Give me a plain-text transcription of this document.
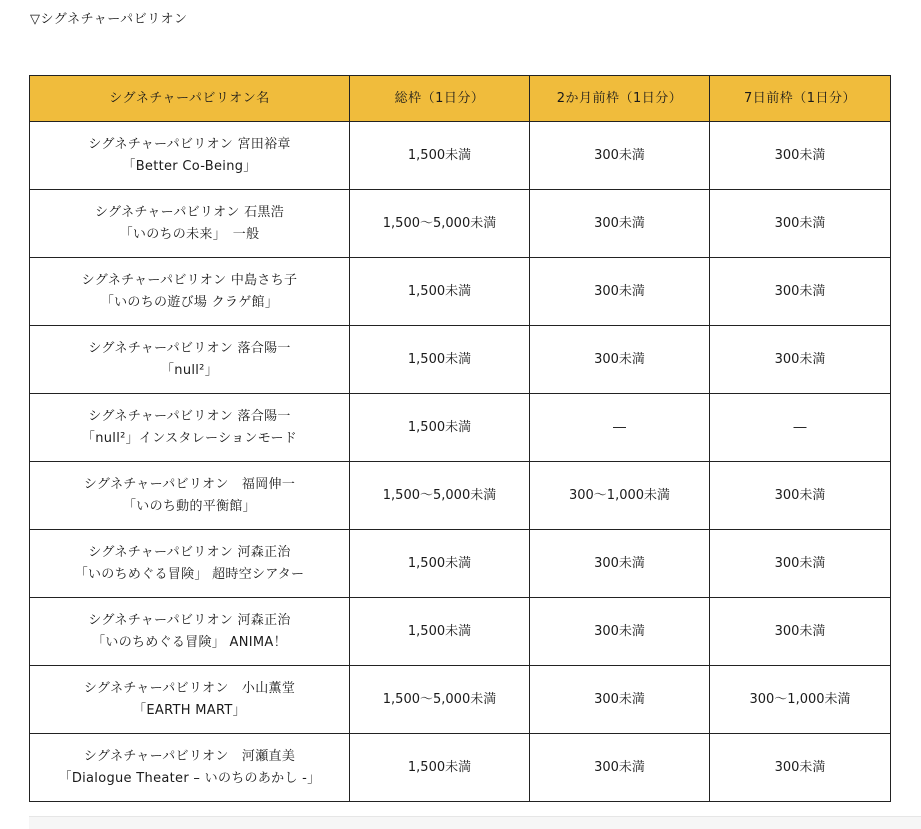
▽シグネチャーパビリオン
シグネチャーパビリオン名	総枠（1日分）	2か月前枠（1日分）	7日前枠（1日分）

シグネチャーパビリオン 宮田裕章
「Better Co-Being」	1,500未満	300未満	300未満

シグネチャーパビリオン 石黒浩
「いのちの未来」　一般	1,500～5,000未満	300未満	300未満

シグネチャーパビリオン 中島さち子
「いのちの遊び場 クラゲ館」	1,500未満	300未満	300未満

シグネチャーパビリオン 落合陽一
「null²」	1,500未満	300未満	300未満

シグネチャーパビリオン 落合陽一
「null²」インスタレーションモード	1,500未満	―	―

シグネチャーパビリオン　福岡伸一
「いのち動的平衡館」	1,500～5,000未満	300～1,000未満	300未満

シグネチャーパビリオン 河森正治
「いのちめぐる冒険」 超時空シアター	1,500未満	300未満	300未満

シグネチャーパビリオン 河森正治
「いのちめぐる冒険」 ANIMA！	1,500未満	300未満	300未満

シグネチャーパビリオン　小山薫堂
「EARTH MART」	1,500～5,000未満	300未満	300～1,000未満

シグネチャーパビリオン　河瀬直美
「Dialogue Theater – いのちのあかし -」	1,500未満	300未満	300未満
